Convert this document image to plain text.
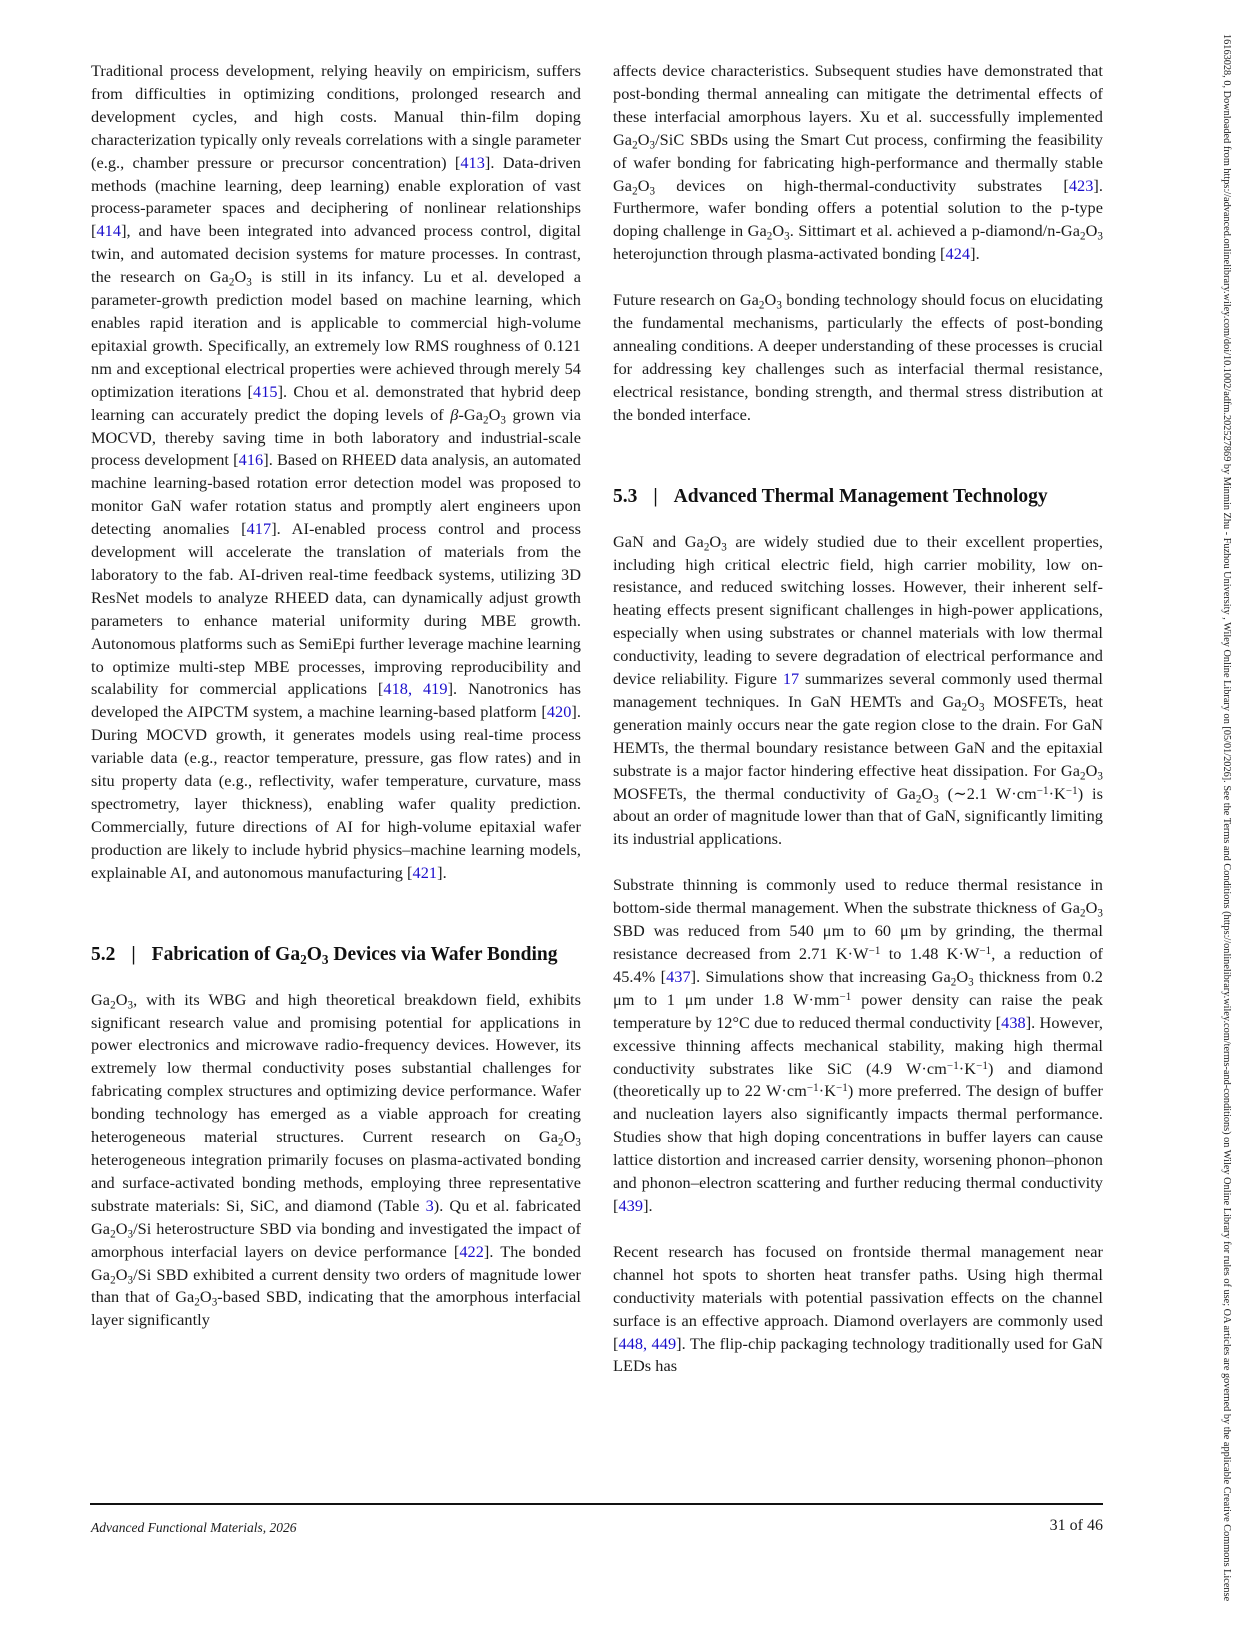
Traditional process development, relying heavily on empiricism, suffers from difficulties in optimizing conditions, prolonged research and development cycles, and high costs. Manual thin-film doping characterization typically only reveals correlations with a single parameter (e.g., chamber pressure or precursor concentration) [413]. Data-driven methods (machine learning, deep learning) enable exploration of vast process-parameter spaces and deciphering of nonlinear relationships [414], and have been integrated into advanced process control, digital twin, and automated decision systems for mature processes. In contrast, the research on $Ga_2O_3$ is still in its infancy. Lu et al. developed a parameter-growth prediction model based on machine learning, which enables rapid iteration and is applicable to commercial high-volume epitaxial growth. Specifically, an extremely low RMS roughness of 0.121 nm and exceptional electrical properties were achieved through merely 54 optimization iterations [415]. Chou et al. demonstrated that hybrid deep learning can accurately predict the doping levels of $\beta-Ga_2O_3$ grown via MOCVD, thereby saving time in both laboratory and industrial-scale process development [416]. Based on RHEED data analysis, an automated machine learning-based rotation error detection model was proposed to monitor GaN wafer rotation status and promptly alert engineers upon detecting anomalies [417]. AI-enabled process control and process development will accelerate the translation of materials from the laboratory to the fab. AI-driven real-time feedback systems, utilizing 3D ResNet models to analyze RHEED data, can dynamically adjust growth parameters to enhance material uniformity during MBE growth. Autonomous platforms such as SemiEpi further leverage machine learning to optimize multi-step MBE processes, improving reproducibility and scalability for commercial applications [418, 419]. Nanotronics has developed the AIPCTM system, a machine learning-based platform [420]. During MOCVD growth, it generates models using real-time process variable data (e.g., reactor temperature, pressure, gas flow rates) and in situ property data (e.g., reflectivity, wafer temperature, curvature, mass spectrometry, layer thickness), enabling wafer quality prediction. Commercially, future directions of AI for high-volume epitaxial wafer production are likely to include hybrid physics–machine learning models, explainable AI, and autonomous manufacturing [421].

5.2 | Fabrication of $Ga_2O_3$ Devices via Wafer Bonding

$Ga_2O_3$, with its WBG and high theoretical breakdown field, exhibits significant research value and promising potential for applications in power electronics and microwave radio-frequency devices. However, its extremely low thermal conductivity poses substantial challenges for fabricating complex structures and optimizing device performance. Wafer bonding technology has emerged as a viable approach for creating heterogeneous material structures. Current research on $Ga_2O_3$ heterogeneous integration primarily focuses on plasma-activated bonding and surface-activated bonding methods, employing three representative substrate materials: Si, SiC, and diamond (Table 3). Qu et al. fabricated $Ga_2O_3/Si$ heterostructure SBD via bonding and investigated the impact of amorphous interfacial layers on device performance [422]. The bonded $Ga_2O_3/Si$ SBD exhibited a current density two orders of magnitude lower than that of $Ga_2O_3$-based SBD, indicating that the amorphous interfacial layer significantly

affects device characteristics. Subsequent studies have demonstrated that post-bonding thermal annealing can mitigate the detrimental effects of these interfacial amorphous layers. Xu et al. successfully implemented $Ga_2O_3$/SiC SBDs using the Smart Cut process, confirming the feasibility of wafer bonding for fabricating high-performance and thermally stable $Ga_2O_3$ devices on high-thermal-conductivity substrates [423]. Furthermore, wafer bonding offers a potential solution to the p-type doping challenge in $Ga_2O_3$. Sittimart et al. achieved a $p-diamond/n-Ga_2O_3$ heterojunction through plasma-activated bonding [424].

Future research on $Ga_2O_3$ bonding technology should focus on elucidating the fundamental mechanisms, particularly the effects of post-bonding annealing conditions. A deeper understanding of these processes is crucial for addressing key challenges such as interfacial thermal resistance, electrical resistance, bonding strength, and thermal stress distribution at the bonded interface.

5.3 | Advanced Thermal Management Technology

GaN and $Ga_2O_3$ are widely studied due to their excellent properties, including high critical electric field, high carrier mobility, low on-resistance, and reduced switching losses. However, their inherent self-heating effects present significant challenges in high-power applications, especially when using substrates or channel materials with low thermal conductivity, leading to severe degradation of electrical performance and device reliability. Figure 17 summarizes several commonly used thermal management techniques. In GaN HEMTs and $Ga_2O_3$ MOSFETs, heat generation mainly occurs near the gate region close to the drain. For GaN HEMTs, the thermal boundary resistance between GaN and the epitaxial substrate is a major factor hindering effective heat dissipation. For $Ga_2O_3$ MOSFETs, the thermal conductivity of $Ga_2O_3$ (∼2.1 $W\cdot cm^{-1}\cdot K^{-1}$) is about an order of magnitude lower than that of GaN, significantly limiting its industrial applications.

Substrate thinning is commonly used to reduce thermal resistance in bottom-side thermal management. When the substrate thickness of $Ga_2O_3$ SBD was reduced from 540 μm to 60 μm by grinding, the thermal resistance decreased from 2.71 $K\cdot W^{-1}$ to 1.48 $K\cdot W^{-1}$, a reduction of 45.4% [437]. Simulations show that increasing $Ga_2O_3$ thickness from 0.2 μm to 1 μm under 1.8 $W\cdot mm^{-1}$ power density can raise the peak temperature by 12°C due to reduced thermal conductivity [438]. However, excessive thinning affects mechanical stability, making high thermal conductivity substrates like SiC (4.9 $W\cdot cm^{-1}\cdot K^{-1}$) and diamond (theoretically up to 22 $W\cdot cm^{-1}\cdot K^{-1}$) more preferred. The design of buffer and nucleation layers also significantly impacts thermal performance. Studies show that high doping concentrations in buffer layers can cause lattice distortion and increased carrier density, worsening phonon–phonon and phonon–electron scattering and further reducing thermal conductivity [439].

Recent research has focused on frontside thermal management near channel hot spots to shorten heat transfer paths. Using high thermal conductivity materials with potential passivation effects on the channel surface is an effective approach. Diamond overlayers are commonly used [448, 449]. The flip-chip packaging technology traditionally used for GaN LEDs has

Advanced Functional Materials, 2026	31 of 46	16163028, 0, Downloaded from https://advanced.onlinelibrary.wiley.com/doi/10.1002/adfm.202527869 by Minmin Zhu - Fuzhou University , Wiley Online Library on [05/01/2026]. See the Terms and Conditions (https://onlinelibrary.wiley.com/terms-and-conditions) on Wiley Online Library for rules of use; OA articles are governed by the applicable Creative Commons License
